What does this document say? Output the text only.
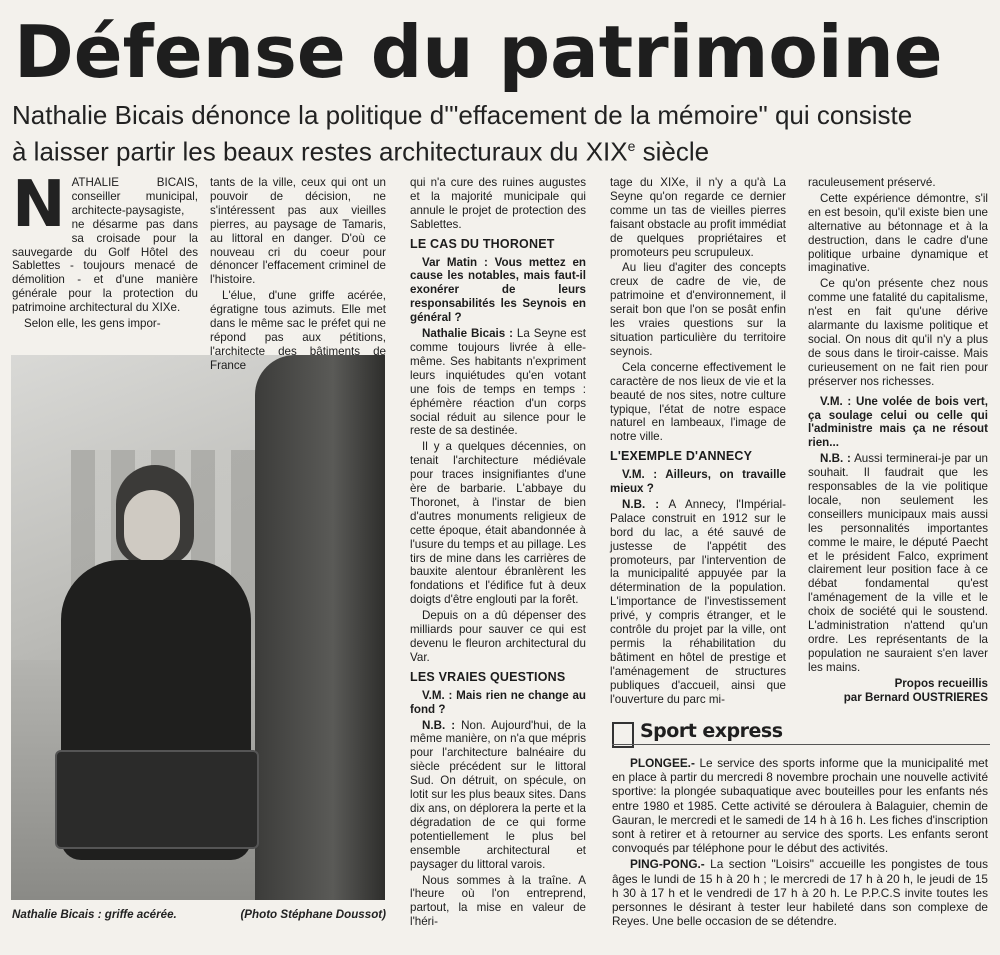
Défense du patrimoine
Nathalie Bicais dénonce la politique d'"effacement de la mémoire" qui consiste
à laisser partir les beaux restes architecturaux du XIXe siècle
N ATHALIE BICAIS, conseiller municipal, architecte-paysagiste, ne désarme pas dans sa croisade pour la sauvegarde du Golf Hôtel des Sablettes - toujours menacé de démolition - et d'une manière générale pour la protection du patrimoine architectural du XIXe.

Selon elle, les gens impor-

Nathalie Bicais : griffe acérée.	(Photo Stéphane Doussot)

tants de la ville, ceux qui ont un pouvoir de décision, ne s'intéressent pas aux vieilles pierres, au paysage de Tamaris, au littoral en danger. D'où ce nouveau cri du coeur pour dénoncer l'effacement criminel de l'histoire.

L'élue, d'une griffe acérée, égratigne tous azimuts. Elle met dans le même sac le préfet qui ne répond pas aux pétitions, l'architecte des bâtiments de France

qui n'a cure des ruines augustes et la majorité municipale qui annule le projet de protection des Sablettes.

LE CAS DU THORONET

Var Matin : Vous mettez en cause les notables, mais faut-il exonérer de leurs responsabilités les Seynois en général ?

Nathalie Bicais : La Seyne est comme toujours livrée à elle-même. Ses habitants n'expriment leurs inquiétudes qu'en votant une fois de temps en temps : éphémère réaction d'un corps social réduit au silence pour le reste de sa destinée.

Il y a quelques décennies, on tenait l'architecture médiévale pour traces insignifiantes d'une ère de barbarie. L'abbaye du Thoronet, à l'instar de bien d'autres monuments religieux de cette époque, était abandonnée à l'usure du temps et au pillage. Les tirs de mine dans les carrières de bauxite alentour ébranlèrent les fondations et l'édifice fut à deux doigts d'être englouti par la forêt.

Depuis on a dû dépenser des milliards pour sauver ce qui est devenu le fleuron architectural du Var.

LES VRAIES QUESTIONS

V.M. : Mais rien ne change au fond ?

N.B. : Non. Aujourd'hui, de la même manière, on n'a que mépris pour l'architecture balnéaire du siècle précédent sur le littoral Sud. On détruit, on spécule, on lotit sur les plus beaux sites. Dans dix ans, on déplorera la perte et la dégradation de ce qui forme potentiellement le plus bel ensemble architectural et paysager du littoral varois.

Nous sommes à la traîne. A l'heure où l'on entreprend, partout, la mise en valeur de l'héri-

tage du XIXe, il n'y a qu'à La Seyne qu'on regarde ce dernier comme un tas de vieilles pierres faisant obstacle au profit immédiat de quelques propriétaires et promoteurs peu scrupuleux.

Au lieu d'agiter des concepts creux de cadre de vie, de patrimoine et d'environnement, il serait bon que l'on se posât enfin les vraies questions sur la situation particulière du territoire seynois.

Cela concerne effectivement le caractère de nos lieux de vie et la beauté de nos sites, notre culture typique, l'état de notre espace naturel en lambeaux, l'image de notre ville.

L'EXEMPLE D'ANNECY

V.M. : Ailleurs, on travaille mieux ?

N.B. : A Annecy, l'Impérial-Palace construit en 1912 sur le bord du lac, a été sauvé de justesse de l'appétit des promoteurs, par l'intervention de la municipalité appuyée par la détermination de la population. L'importance de l'investissement privé, y compris étranger, et le contrôle du projet par la ville, ont permis la réhabilitation du bâtiment en hôtel de prestige et l'aménagement de structures publiques d'accueil, ainsi que l'ouverture du parc mi-

raculeusement préservé.

Cette expérience démontre, s'il en est besoin, qu'il existe bien une alternative au bétonnage et à la destruction, dans le cadre d'une politique urbaine dynamique et imaginative.

Ce qu'on présente chez nous comme une fatalité du capitalisme, n'est en fait qu'une dérive alarmante du laxisme politique et social. On nous dit qu'il n'y a plus de sous dans le tiroir-caisse. Mais curieusement on ne fait rien pour préserver nos richesses.

V.M. : Une volée de bois vert, ça soulage celui ou celle qui l'administre mais ça ne résout rien...

N.B. : Aussi terminerai-je par un souhait. Il faudrait que les responsables de la vie politique locale, non seulement les conseillers municipaux mais aussi les personnalités importantes comme le maire, le député Paecht et le président Falco, expriment clairement leur position face à ce débat fondamental qu'est l'aménagement de la ville et le choix de société qui le soustend. L'administration n'attend qu'un ordre. Les représentants de la population ne sauraient s'en laver les mains.

Propos recueillis
par Bernard OUSTRIERES
Sport express

PLONGEE.- Le service des sports informe que la municipalité met en place à partir du mercredi 8 novembre prochain une nouvelle activité sportive: la plongée subaquatique avec bouteilles pour les enfants nés entre 1980 et 1985. Cette activité se déroulera à Balaguier, chemin de Gauran, le mercredi et le samedi de 14 h à 16 h. Les fiches d'inscription sont à retirer et à retourner au service des sports. Les enfants seront convoqués par téléphone pour le début des activités.

PING-PONG.- La section "Loisirs" accueille les pongistes de tous âges le lundi de 15 h à 20 h ; le mercredi de 17 h à 20 h, le jeudi de 15 h 30 à 17 h et le vendredi de 17 h à 20 h. Le P.P.C.S invite toutes les personnes le désirant à tester leur habileté dans son complexe de Reyes. Une belle occasion de se détendre.
